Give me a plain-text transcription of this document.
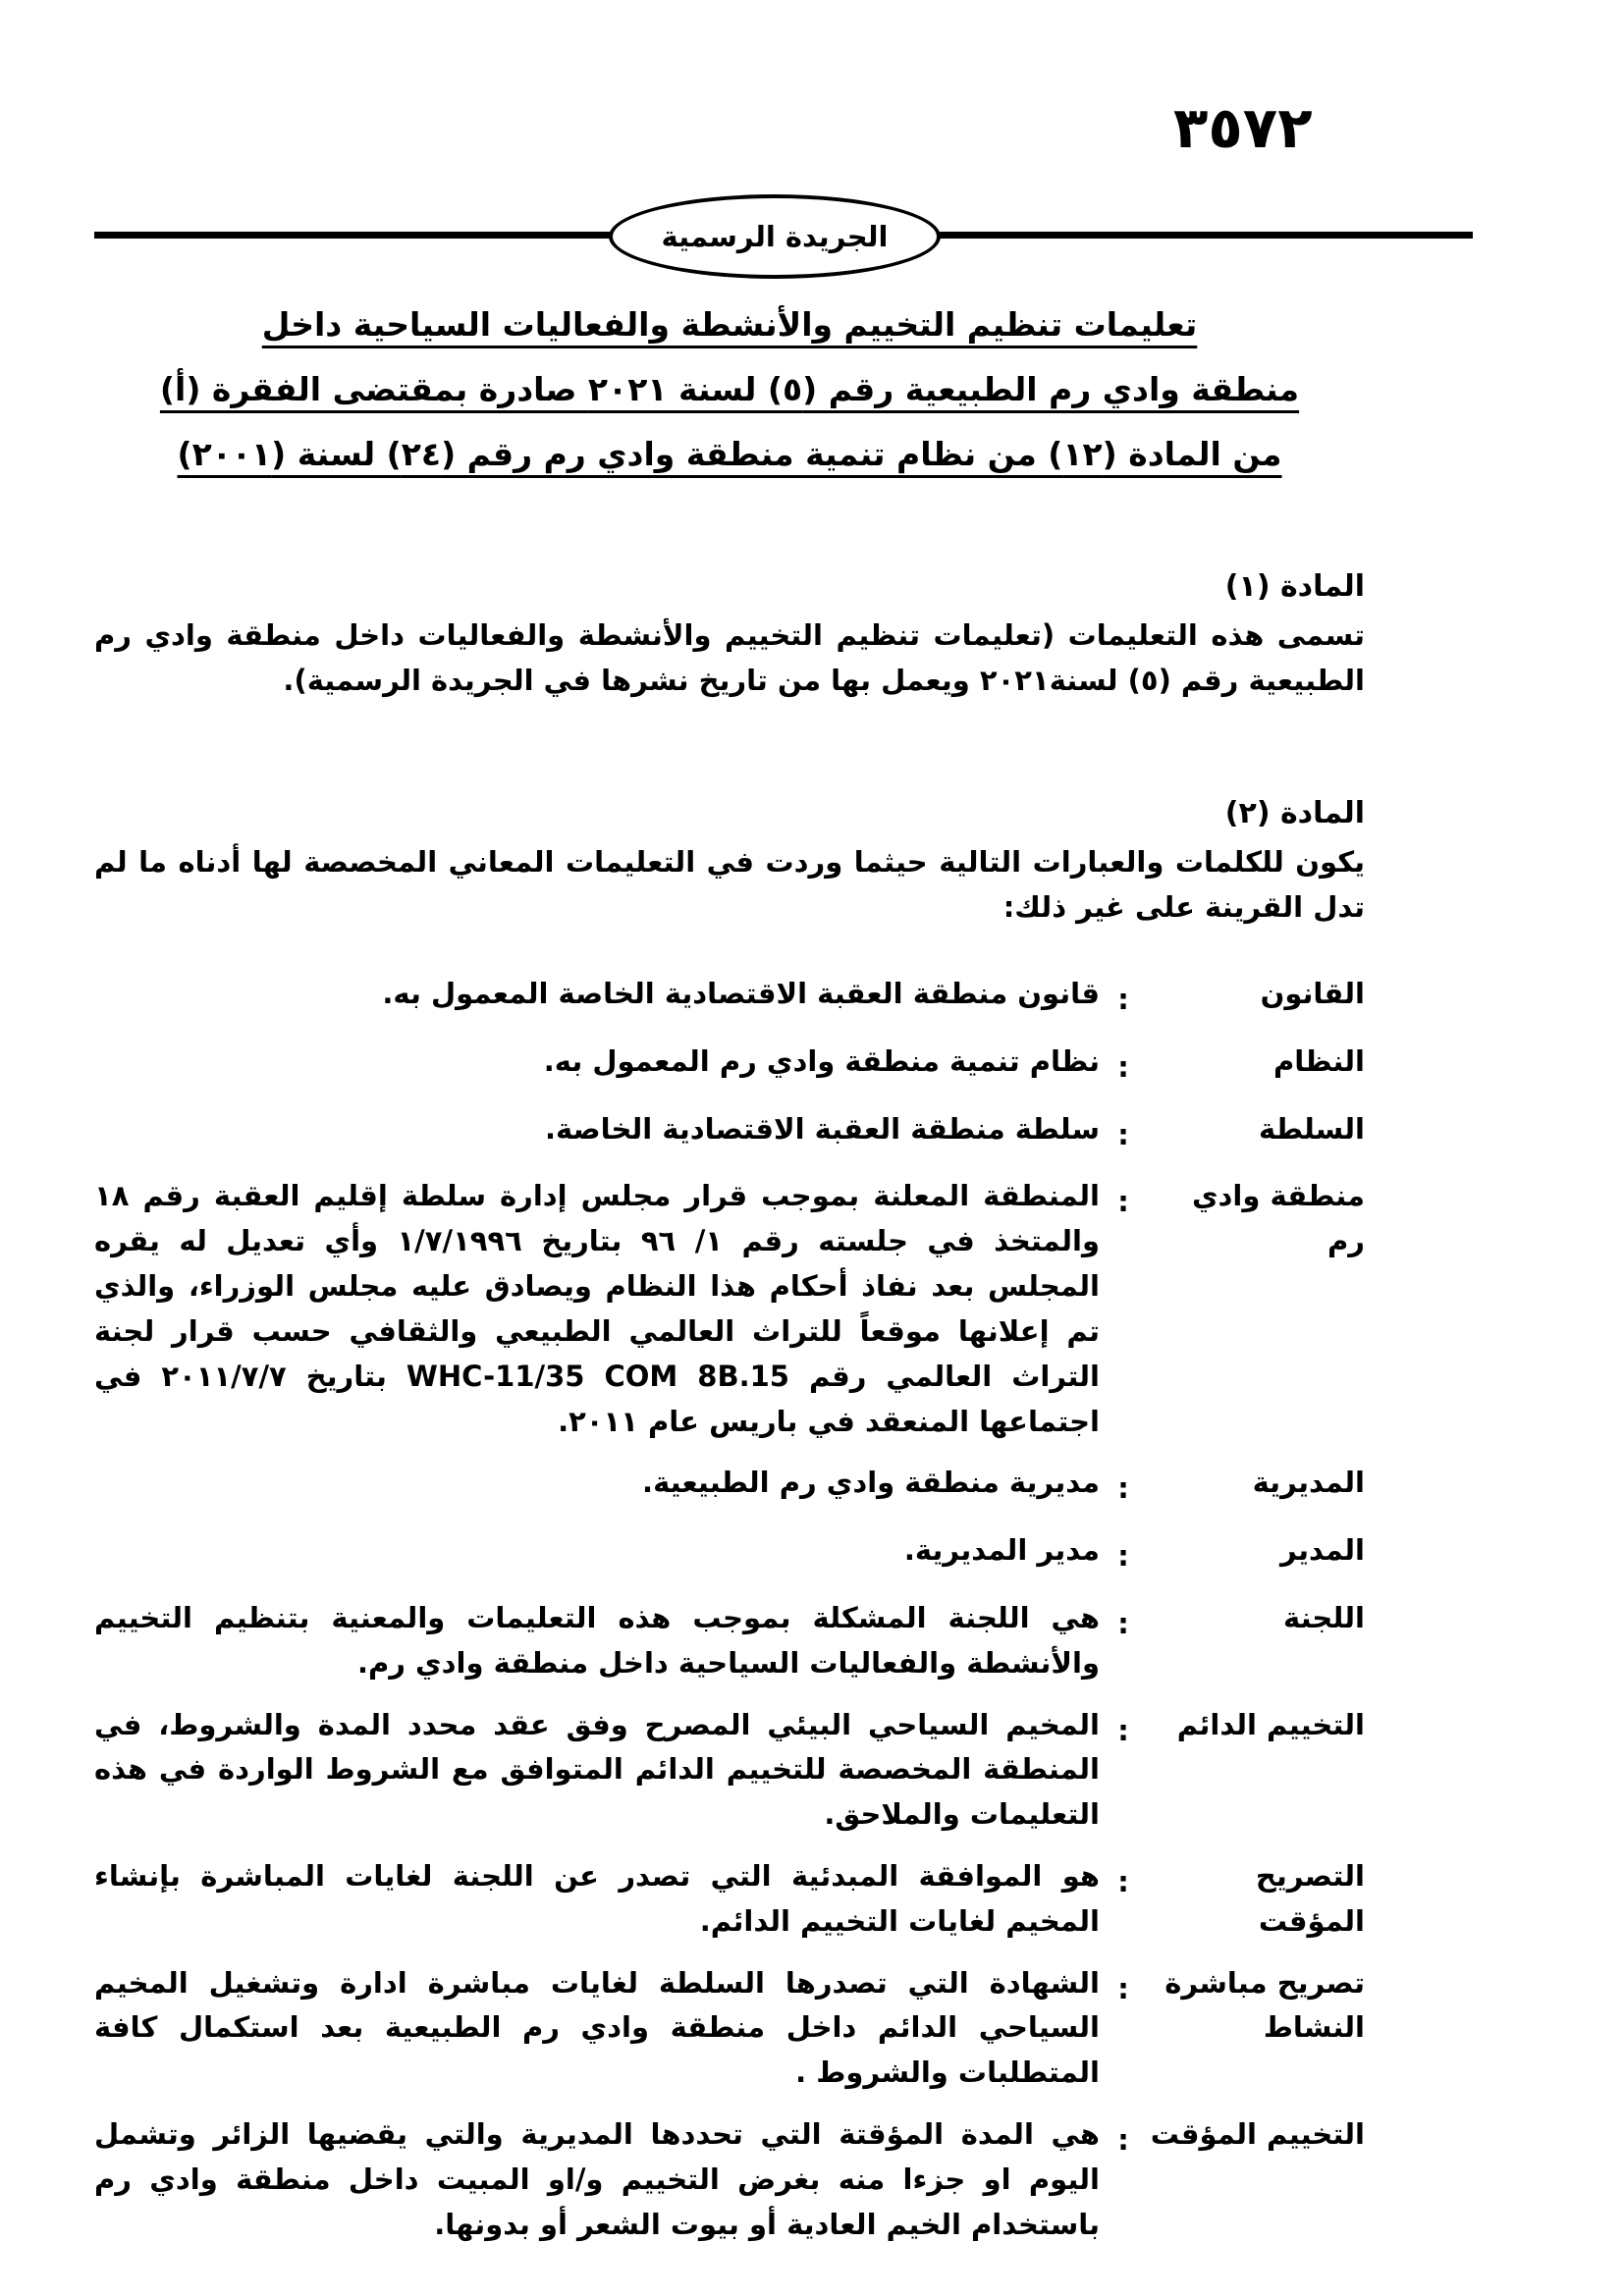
٣٥٧٢
الجريدة الرسمية
تعليمات تنظيم التخييم والأنشطة والفعاليات السياحية داخل
منطقة وادي رم الطبيعية رقم (٥) لسنة ٢٠٢١ صادرة بمقتضى الفقرة (أ)
من المادة (١٢) من نظام تنمية منطقة وادي رم رقم (٢٤) لسنة (٢٠٠١)
المادة (١)

تسمى هذه التعليمات (تعليمات تنظيم التخييم والأنشطة والفعاليات داخل منطقة وادي رم الطبيعية رقم (٥) لسنة٢٠٢١ ويعمل بها من تاريخ نشرها في الجريدة الرسمية).

المادة (٢)

يكون للكلمات والعبارات التالية حيثما وردت في التعليمات المعاني المخصصة لها أدناه ما لم تدل القرينة على غير ذلك:

القانون
:
قانون منطقة العقبة الاقتصادية الخاصة المعمول به.
النظام
:
نظام تنمية منطقة وادي رم المعمول به.
السلطة
:
سلطة منطقة العقبة الاقتصادية الخاصة.
منطقة وادي رم
:
المنطقة المعلنة بموجب قرار مجلس إدارة سلطة إقليم العقبة رقم ١٨ والمتخذ في جلسته رقم ١/ ٩٦ بتاريخ ١/٧/١٩٩٦ وأي تعديل له يقره المجلس بعد نفاذ أحكام هذا النظام ويصادق عليه مجلس الوزراء، والذي تم إعلانها موقعاً للتراث العالمي الطبيعي والثقافي حسب قرار لجنة التراث العالمي رقم WHC-11/35 COM 8B.15 بتاريخ ٢٠١١/٧/٧ في اجتماعها المنعقد في باريس عام ٢٠١١.
المديرية
:
مديرية منطقة وادي رم الطبيعية.
المدير
:
مدير المديرية.
اللجنة
:
هي اللجنة المشكلة بموجب هذه التعليمات والمعنية بتنظيم التخييم والأنشطة والفعاليات السياحية داخل منطقة وادي رم.
التخييم الدائم
:
المخيم السياحي البيئي المصرح وفق عقد محدد المدة والشروط، في المنطقة المخصصة للتخييم الدائم المتوافق مع الشروط الواردة في هذه التعليمات والملاحق.
التصريح المؤقت
:
هو الموافقة المبدئية التي تصدر عن اللجنة لغايات المباشرة بإنشاء المخيم لغايات التخييم الدائم.
تصريح مباشرة النشاط
:
الشهادة التي تصدرها السلطة لغايات مباشرة ادارة وتشغيل المخيم السياحي الدائم داخل منطقة وادي رم الطبيعية بعد استكمال كافة المتطلبات والشروط .
التخييم المؤقت
:
هي المدة المؤقتة التي تحددها المديرية والتي يقضيها الزائر وتشمل اليوم او جزءا منه بغرض التخييم و/او المبيت داخل منطقة وادي رم باستخدام الخيم العادية أو بيوت الشعر أو بدونها.
